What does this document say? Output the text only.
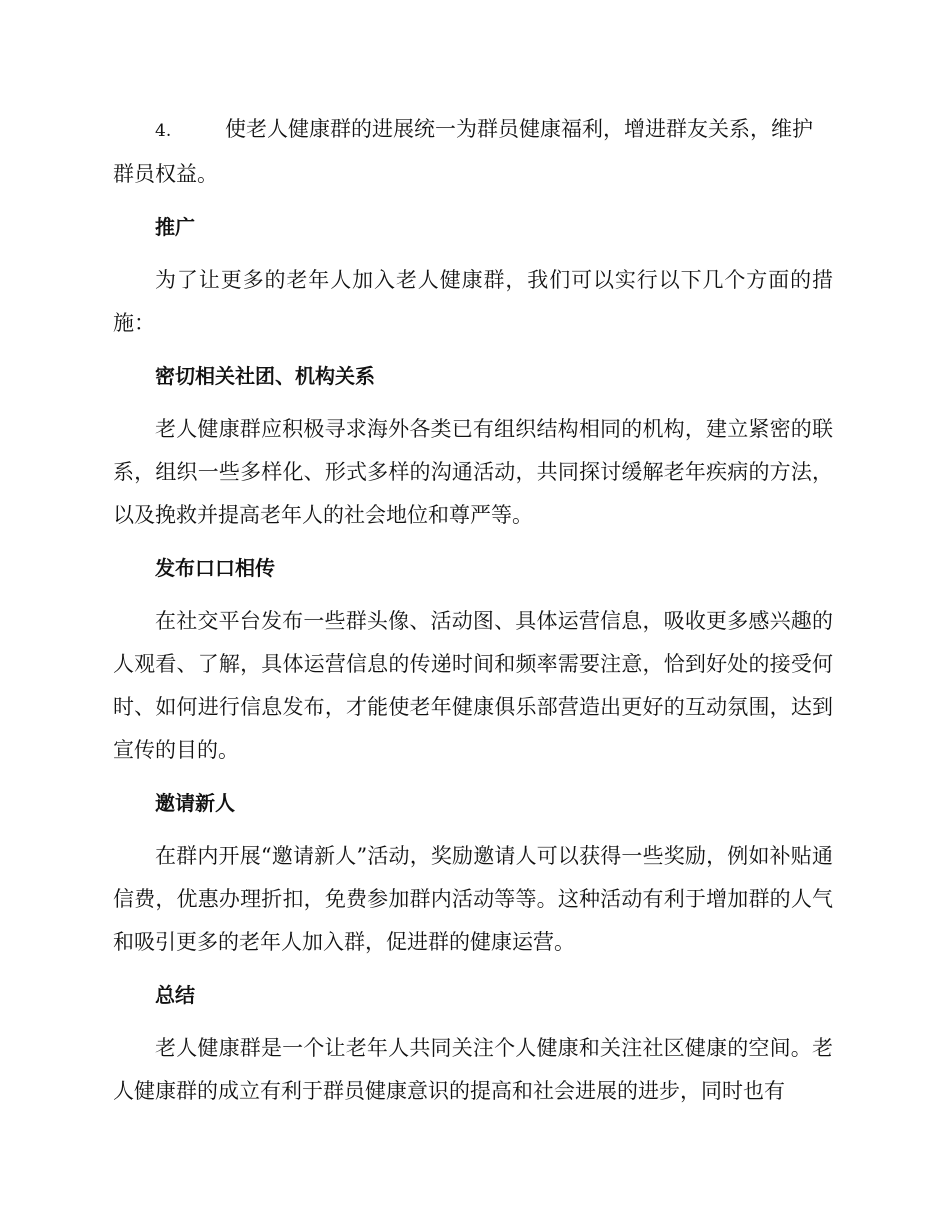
4.	使老人健康群的进展统一为群员健康福利，增进群友关系，维护
群员权益。
推广

为了让更多的老年人加入老人健康群，我们可以实行以下几个方面的措施：

密切相关社团、机构关系

老人健康群应积极寻求海外各类已有组织结构相同的机构，建立紧密的联系，组织一些多样化、形式多样的沟通活动，共同探讨缓解老年疾病的方法，以及挽救并提高老年人的社会地位和尊严等。

发布口口相传

在社交平台发布一些群头像、活动图、具体运营信息，吸收更多感兴趣的人观看、了解，具体运营信息的传递时间和频率需要注意，恰到好处的接受何时、如何进行信息发布，才能使老年健康俱乐部营造出更好的互动氛围，达到宣传的目的。

邀请新人

在群内开展“邀请新人”活动，奖励邀请人可以获得一些奖励，例如补贴通信费，优惠办理折扣，免费参加群内活动等等。这种活动有利于增加群的人气和吸引更多的老年人加入群，促进群的健康运营。

总结

老人健康群是一个让老年人共同关注个人健康和关注社区健康的空间。老人健康群的成立有利于群员健康意识的提高和社会进展的进步，同时也有
